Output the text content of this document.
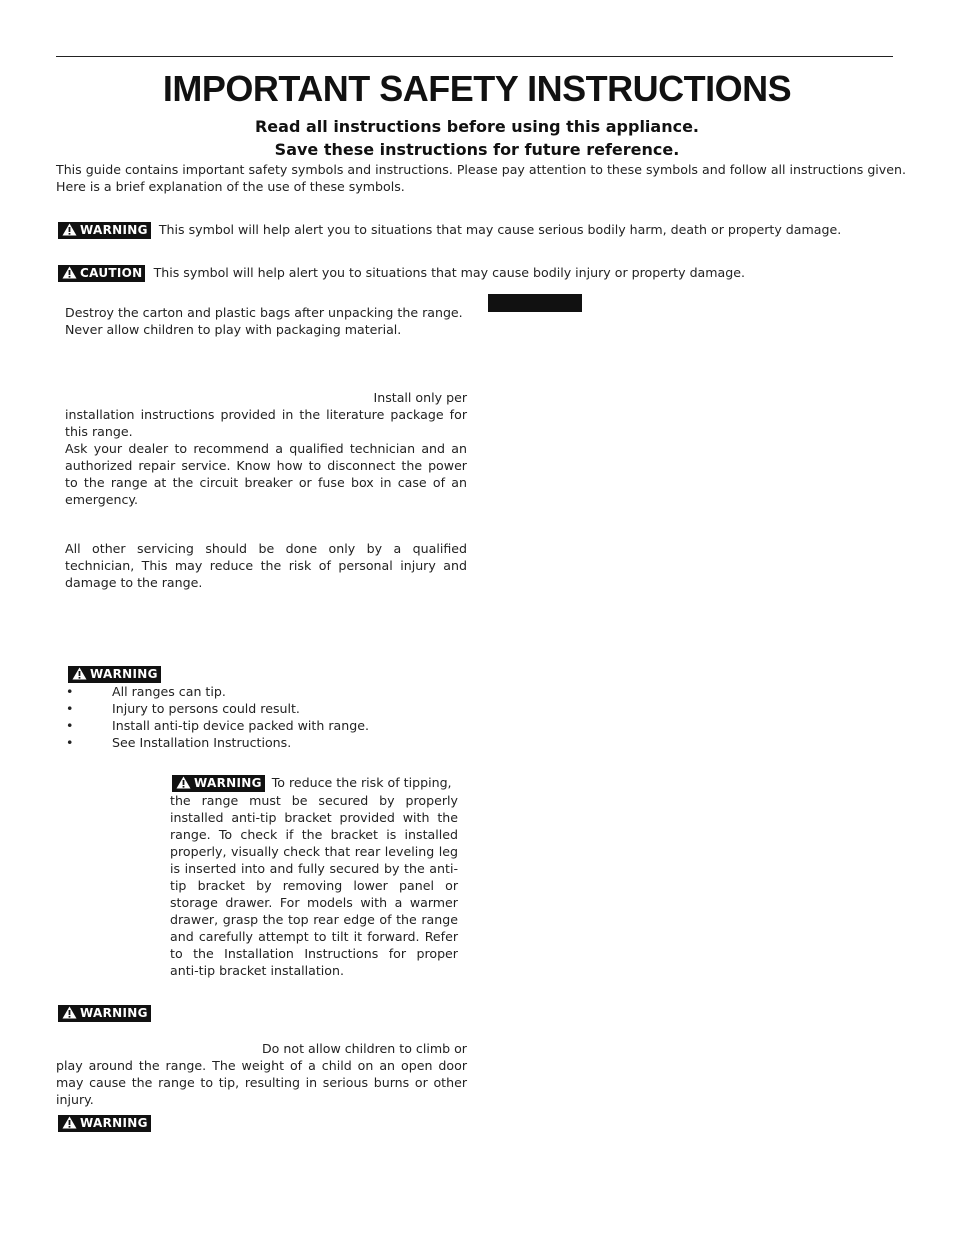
IMPORTANT SAFETY INSTRUCTIONS
Read all instructions before using this appliance.
Save these instructions for future reference.
This guide contains important safety symbols and instructions. Please pay attention to these symbols and follow all instructions given.
Here is a brief explanation of the use of these symbols.
WARNING This symbol will help alert you to situations that may cause serious bodily harm, death or property damage.
CAUTION This symbol will help alert you to situations that may cause bodily injury or property damage.
Destroy the carton and plastic bags after unpacking the range.
Never allow children to play with packaging material.
Install only per
installation instructions provided in the literature package for this range.
Ask your dealer to recommend a qualified technician and an authorized repair service. Know how to disconnect the power to the range at the circuit breaker or fuse box in case of an emergency.
All other servicing should be done only by a qualified technician, This may reduce the risk of personal injury and damage to the range.
WARNING
•	All ranges can tip.
•	Injury to persons could result.
•	Install anti-tip device packed with range.
•	See Installation Instructions.
WARNING To reduce the risk of tipping,
the range must be secured by properly installed anti-tip bracket provided with the range. To check if the bracket is installed properly, visually check that rear leveling leg is inserted into and fully secured by the anti-tip bracket by removing lower panel or storage drawer. For models with a warmer drawer, grasp the top rear edge of the range and carefully attempt to tilt it forward. Refer to the Installation Instructions for proper anti-tip bracket installation.
WARNING
Do not allow children to climb or
play around the range. The weight of a child on an open door may cause the range to tip, resulting in serious burns or other injury.
WARNING
